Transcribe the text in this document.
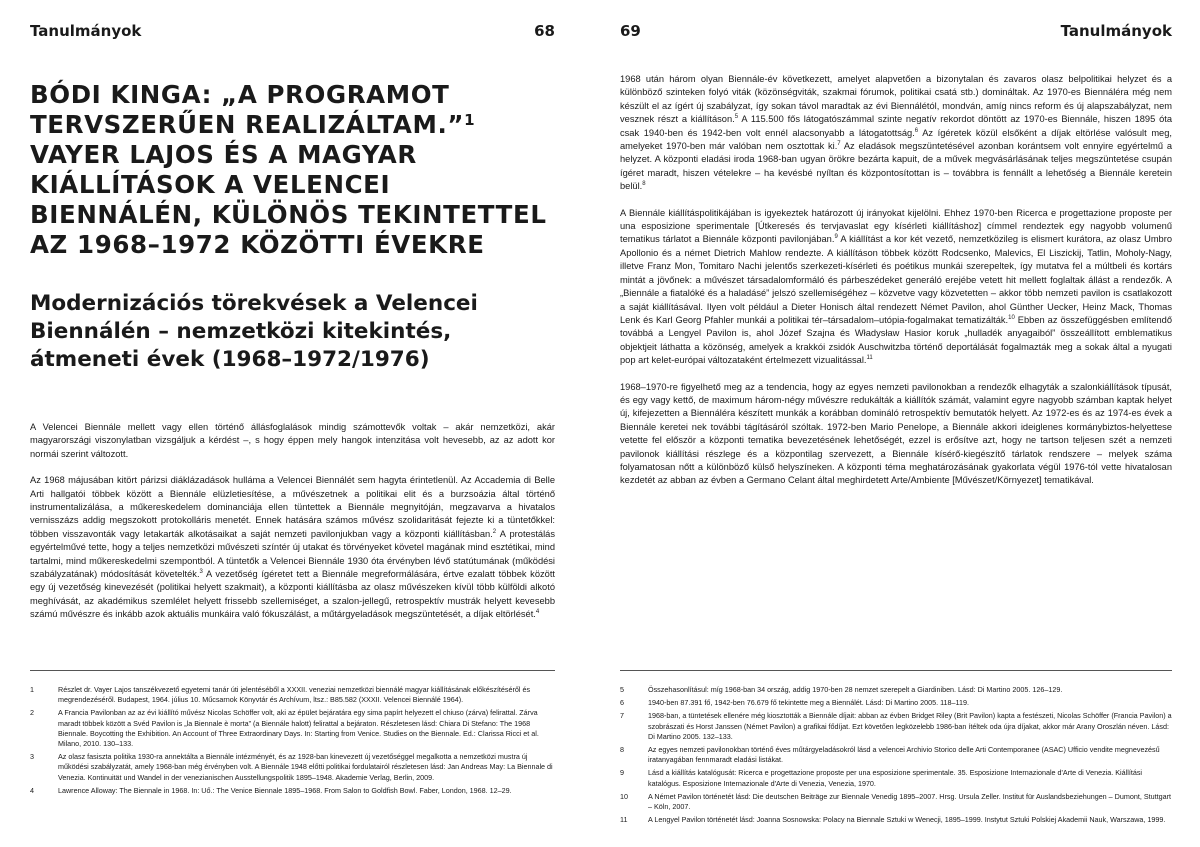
Tanulmányok	68
BÓDI KINGA: „A PROGRAMOT TERVSZERŰEN REALIZÁLTAM.”$^1$ VAYER LAJOS ÉS A MAGYAR KIÁLLÍTÁSOK A VELENCEI BIENNÁLÉN, KÜLÖNÖS TEKINTETTEL AZ 1968–1972 KÖZÖTTI ÉVEKRE
Modernizációs törekvések a Velencei Biennálén – nemzetközi kitekintés, átmeneti évek (1968–1972/1976)

A Velencei Biennále mellett vagy ellen történő állásfoglalások mindig számottevők voltak – akár nemzetközi, akár magyarországi viszonylatban vizsgáljuk a kérdést –, s hogy éppen mely hangok intenzitása volt hevesebb, az az adott kor normái szerint változott.

Az 1968 májusában kitört párizsi diáklázadások hulláma a Velencei Biennálét sem hagyta érintetlenül. Az Accademia di Belle Arti hallgatói többek között a Biennále elüzletiesítése, a művészetnek a politikai elit és a burzsoázia által történő instrumentalizálása, a műkereskedelem dominanciája ellen tüntettek a Biennále megnyitóján, megzavarva a hivatalos vernisszázs addig megszokott protokolláris menetét. Ennek hatására számos művész szolidaritását fejezte ki a tüntetőkkel: többen visszavonták vagy letakarták alkotásaikat a saját nemzeti pavilonjukban vagy a központi kiállításban.$^2$ A protestálás egyértelművé tette, hogy a teljes nemzetközi művészeti színtér új utakat és törvényeket követel magának mind esztétikai, mind tartalmi, mind műkereskedelmi szempontból. A tüntetők a Velencei Biennále 1930 óta érvényben lévő statútumának (működési szabályzatának) módosítását követelték.$^3$ A vezetőség ígéretet tett a Biennále megreformálására, értve ezalatt többek között egy új vezetőség kinevezését (politikai helyett szakmait), a központi kiállításba az olasz művészeken kívül több külföldi alkotó meghívását, az akadémikus szemlélet helyett frissebb szellemiséget, a szalon-jellegű, retrospektív mustrák helyett kevesebb számú művészre és inkább azok aktuális munkáira való fókuszálást, a műtárgyeladások megszüntetését, a díjak eltörlését.$^4$

1	Részlet dr. Vayer Lajos tanszékvezető egyetemi tanár úti jelentéséből a XXXII. veneziai nemzetközi biennálé magyar kiállításának előkészítéséről és megrendezéséről. Budapest, 1964. július 10. Műcsarnok Könyvtár és Archívum, ltsz.: B85.582 (XXXII. Velencei Biennálé 1964).
2	A Francia Pavilonban az az évi kiállító művész Nicolas Schöffer volt, aki az épület bejáratára egy sima papírt helyezett el chiuso (zárva) felirattal. Zárva maradt többek között a Svéd Pavilon is „la Biennale è morta” (a Biennále halott) felirattal a bejáraton. Részletesen lásd: Chiara Di Stefano: The 1968 Biennale. Boycotting the Exhibition. An Account of Three Extraordinary Days. In: Starting from Venice. Studies on the Biennale. Ed.: Clarissa Ricci et al. Milano, 2010. 130–133.
3	Az olasz fasiszta politika 1930-ra annektálta a Biennále intézményét, és az 1928-ban kinevezett új vezetőséggel megalkotta a nemzetközi mustra új működési szabályzatát, amely 1968-ban még érvényben volt. A Biennále 1948 előtti politikai fordulatairól részletesen lásd: Jan Andreas May: La Biennale di Venezia. Kontinuität und Wandel in der venezianischen Ausstellungspolitik 1895–1948. Akademie Verlag, Berlin, 2009.
4	Lawrence Alloway: The Biennale in 1968. In: Uő.: The Venice Biennale 1895–1968. From Salon to Goldfish Bowl. Faber, London, 1968. 12–29.
69	Tanulmányok

1968 után három olyan Biennále-év következett, amelyet alapvetően a bizonytalan és zavaros olasz belpolitikai helyzet és a különböző szinteken folyó viták (közönségviták, szakmai fórumok, politikai csatá stb.) domináltak. Az 1970-es Biennáléra még nem készült el az ígért új szabályzat, így sokan távol maradtak az évi Biennálétól, mondván, amíg nincs reform és új alapszabályzat, nem vesznek részt a kiállításon.$^5$ A 115.500 fős látogatószámmal szinte negatív rekordot döntött az 1970-es Biennále, hiszen 1895 óta csak 1940-ben és 1942-ben volt ennél alacsonyabb a látogatottság.$^6$ Az ígéretek közül elsőként a díjak eltörlése valósult meg, amelyeket 1970-ben már valóban nem osztottak ki.$^7$ Az eladások megszüntetésével azonban korántsem volt ennyire egyértelmű a helyzet. A központi eladási iroda 1968-ban ugyan örökre bezárta kapuit, de a művek megvásárlásának teljes megszüntetése csupán ígéret maradt, hiszen vételekre – ha kevésbé nyíltan és központosítottan is – továbbra is fennállt a lehetőség a Biennále keretein belül.$^8$

A Biennále kiállításpolitikájában is igyekeztek határozott új irányokat kijelölni. Ehhez 1970-ben Ricerca e progettazione proposte per una esposizione sperimentale [Útkeresés és tervjavaslat egy kísérleti kiállításhoz] címmel rendeztek egy nagyobb volumenű tematikus tárlatot a Biennále központi pavilonjában.$^9$ A kiállítást a kor két vezető, nemzetközileg is elismert kurátora, az olasz Umbro Apollonio és a német Dietrich Mahlow rendezte. A kiállításon többek között Rodcsenko, Malevics, El Liszickij, Tatlin, Moholy-Nagy, illetve Franz Mon, Tomitaro Nachi jelentős szerkezeti-kísérleti és poétikus munkái szerepeltek, így mutatva fel a múltbeli és kortárs mintát a jövőnek: a művészet társadalomformáló és párbeszédeket generáló erejébe vetett hit mellett foglaltak állást a rendezők. A „Biennále a fiatalóké és a haladásé” jelszó szellemiségéhez – közvetve vagy közvetetten – akkor több nemzeti pavilon is csatlakozott a saját kiállításával. Ilyen volt például a Dieter Honisch által rendezett Német Pavilon, ahol Günther Uecker, Heinz Mack, Thomas Lenk és Karl Georg Pfahler munkái a politikai tér–társadalom–utópia-fogalmakat tematizálták.$^{10}$ Ebben az összefüggésben említendő továbbá a Lengyel Pavilon is, ahol Józef Szajna és Władysław Hasior koruk „hulladék anyagaiból” összeállított emblematikus objektjeit láthatta a közönség, amelyek a krakkói zsidók Auschwitzba történő deportálását fogalmazták meg a sokak által a nyugati pop art kelet-európai változataként értelmezett vizualitással.$^{11}$

1968–1970-re figyelhető meg az a tendencia, hogy az egyes nemzeti pavilonokban a rendezők elhagyták a szalonkiállítások típusát, és egy vagy kettő, de maximum három-négy művészre redukálták a kiállítók számát, valamint egyre nagyobb számban kaptak helyet új, kifejezetten a Biennáléra készített munkák a korábban domináló retrospektív bemutatók helyett. Az 1972-es és az 1974-es évek a Biennále keretei nek további tágításáról szóltak. 1972-ben Mario Penelope, a Biennále akkori ideiglenes kormánybiztos-helyettese vetette fel először a központi tematika bevezetésének lehetőségét, ezzel is erősítve azt, hogy ne tartson teljesen szét a nemzeti pavilonok kiállítási részlege és a központilag szervezett, a Biennále kísérő-kiegészítő tárlatok rendszere – melyek száma folyamatosan nőtt a különböző külső helyszíneken. A központi téma meghatározásának gyakorlata végül 1976-tól vette hivatalosan kezdetét az abban az évben a Germano Celant által meghirdetett Arte/Ambiente [Művészet/Környezet] tematikával.

5	Összehasonlításul: míg 1968-ban 34 ország, addig 1970-ben 28 nemzet szerepelt a Giardiniben. Lásd: Di Martino 2005. 126–129.
6	1940-ben 87.391 fő, 1942-ben 76.679 fő tekintette meg a Biennálét. Lásd: Di Martino 2005. 118–119.
7	1968-ban, a tüntetések ellenére még kiosztották a Biennále díjait: abban az évben Bridget Riley (Brit Pavilon) kapta a festészeti, Nicolas Schöffer (Francia Pavilon) a szobrászati és Horst Janssen (Német Pavilon) a grafikai fődíjat. Ezt követően legközelebb 1986-ban ítéltek oda újra díjakat, akkor már Arany Oroszlán néven. Lásd: Di Martino 2005. 132–133.
8	Az egyes nemzeti pavilonokban történő éves műtárgyeladásokról lásd a velencei Archivio Storico delle Arti Contemporanee (ASAC) Ufficio vendite megnevezésű iratanyagában fennmaradt eladási listákat.
9	Lásd a kiállítás katalógusát: Ricerca e progettazione proposte per una esposizione sperimentale. 35. Esposizione Internazionale d'Arte di Venezia. Kiállítási katalógus. Esposizione Internazionale d'Arte di Venezia, Venezia, 1970.
10	A Német Pavilon történetét lásd: Die deutschen Beiträge zur Biennale Venedig 1895–2007. Hrsg. Ursula Zeller. Institut für Auslandsbeziehungen – Dumont, Stuttgart – Köln, 2007.
11	A Lengyel Pavilon történetét lásd: Joanna Sosnowska: Polacy na Biennale Sztuki w Wenecji, 1895–1999. Instytut Sztuki Polskiej Akademii Nauk, Warszawa, 1999.
